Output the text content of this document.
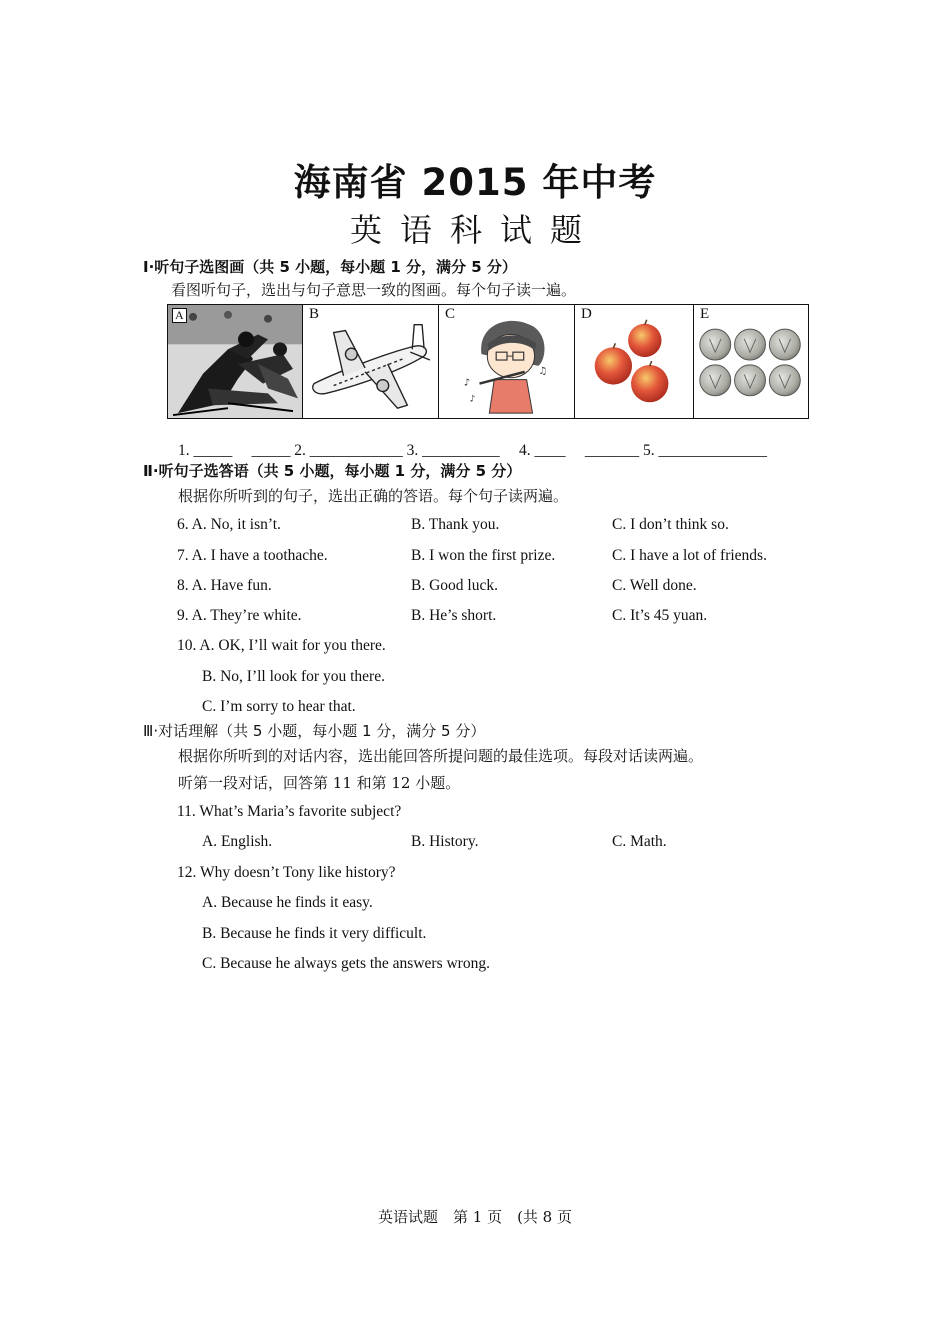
海南省 2015 年中考
英语科试题
Ⅰ·听句子选图画（共 5 小题，每小题 1 分，满分 5 分）
看图听句子，选出与句子意思一致的图画。每个句子读一遍。
A	B
♪
♫
♪
C	D	E
1. _____　 _____ 2. ____________ 3. __________　 4. ____　 _______ 5. ______________
Ⅱ·听句子选答语（共 5 小题，每小题 1 分，满分 5 分）
根据你所听到的句子，选出正确的答语。每个句子读两遍。
6. A. No, it isn’t.	B. Thank you.	C. I don’t think so.
7. A. I have a toothache.	B. I won the first prize.	C. I have a lot of friends.
8. A. Have fun.	B. Good luck.	C. Well done.
9. A. They’re white.	B. He’s short.	C. It’s 45 yuan.
10. A. OK, I’ll wait for you there.
B. No, I’ll look for you there.
C. I’m sorry to hear that.
Ⅲ·对话理解（共 5 小题，每小题 1 分，满分 5 分）
根据你所听到的对话内容，选出能回答所提问题的最佳选项。每段对话读两遍。
听第一段对话，回答第 11 和第 12 小题。
11. What’s Maria’s favorite subject?
A. English.	B. History.	C. Math.
12. Why doesn’t Tony like history?
A. Because he finds it easy.
B. Because he finds it very difficult.
C. Because he always gets the answers wrong.
英语试题　第 1 页　(共 8 页
